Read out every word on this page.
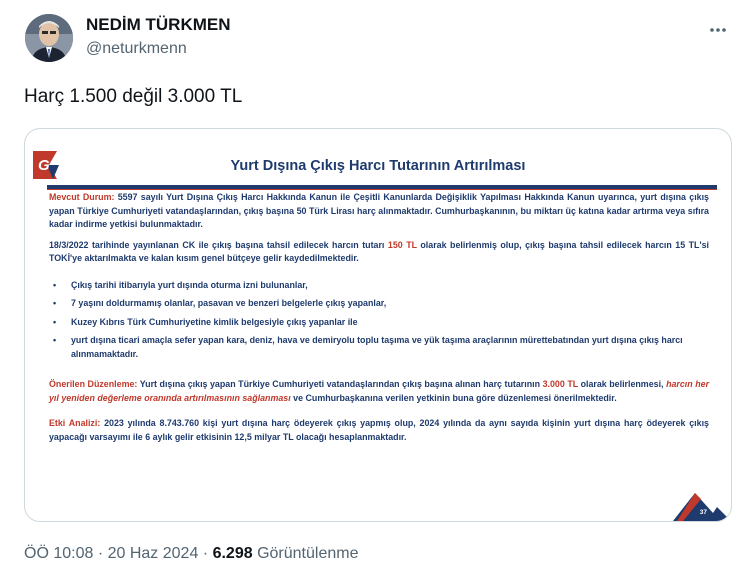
NEDİM TÜRKMEN
@neturkmenn
Harç 1.500 değil 3.000 TL
G	Yurt Dışına Çıkış Harcı Tutarının Artırılması

Mevcut Durum: 5597 sayılı Yurt Dışına Çıkış Harcı Hakkında Kanun ile Çeşitli Kanunlarda Değişiklik Yapılması Hakkında Kanun uyarınca, yurt dışına çıkış yapan Türkiye Cumhuriyeti vatandaşlarından, çıkış başına 50 Türk Lirası harç alınmaktadır. Cumhurbaşkanının, bu miktarı üç katına kadar artırma veya sıfıra kadar indirme yetkisi bulunmaktadır.

18/3/2022 tarihinde yayınlanan CK ile çıkış başına tahsil edilecek harcın tutarı 150 TL olarak belirlenmiş olup, çıkış başına tahsil edilecek harcın 15 TL'si TOKİ'ye aktarılmakta ve kalan kısım genel bütçeye gelir kaydedilmektedir.

• Çıkış tarihi itibarıyla yurt dışında oturma izni bulunanlar,
• 7 yaşını doldurmamış olanlar, pasavan ve benzeri belgelerle çıkış yapanlar,
• Kuzey Kıbrıs Türk Cumhuriyetine kimlik belgesiyle çıkış yapanlar ile
• yurt dışına ticari amaçla sefer yapan kara, deniz, hava ve demiryolu toplu taşıma ve yük taşıma araçlarının mürettebatından yurt dışına çıkış harcı alınmamaktadır.

Önerilen Düzenleme: Yurt dışına çıkış yapan Türkiye Cumhuriyeti vatandaşlarından çıkış başına alınan harç tutarının 3.000 TL olarak belirlenmesi, harcın her yıl yeniden değerleme oranında artırılmasının sağlanması ve Cumhurbaşkanına verilen yetkinin buna göre düzenlemesi önerilmektedir.

Etki Analizi: 2023 yılında 8.743.760 kişi yurt dışına harç ödeyerek çıkış yapmış olup, 2024 yılında da aynı sayıda kişinin yurt dışına harç ödeyerek çıkış yapacağı varsayımı ile 6 aylık gelir etkisinin 12,5 milyar TL olacağı hesaplanmaktadır.

37
ÖÖ 10:08 · 20 Haz 2024 · 6.298 Görüntülenme
